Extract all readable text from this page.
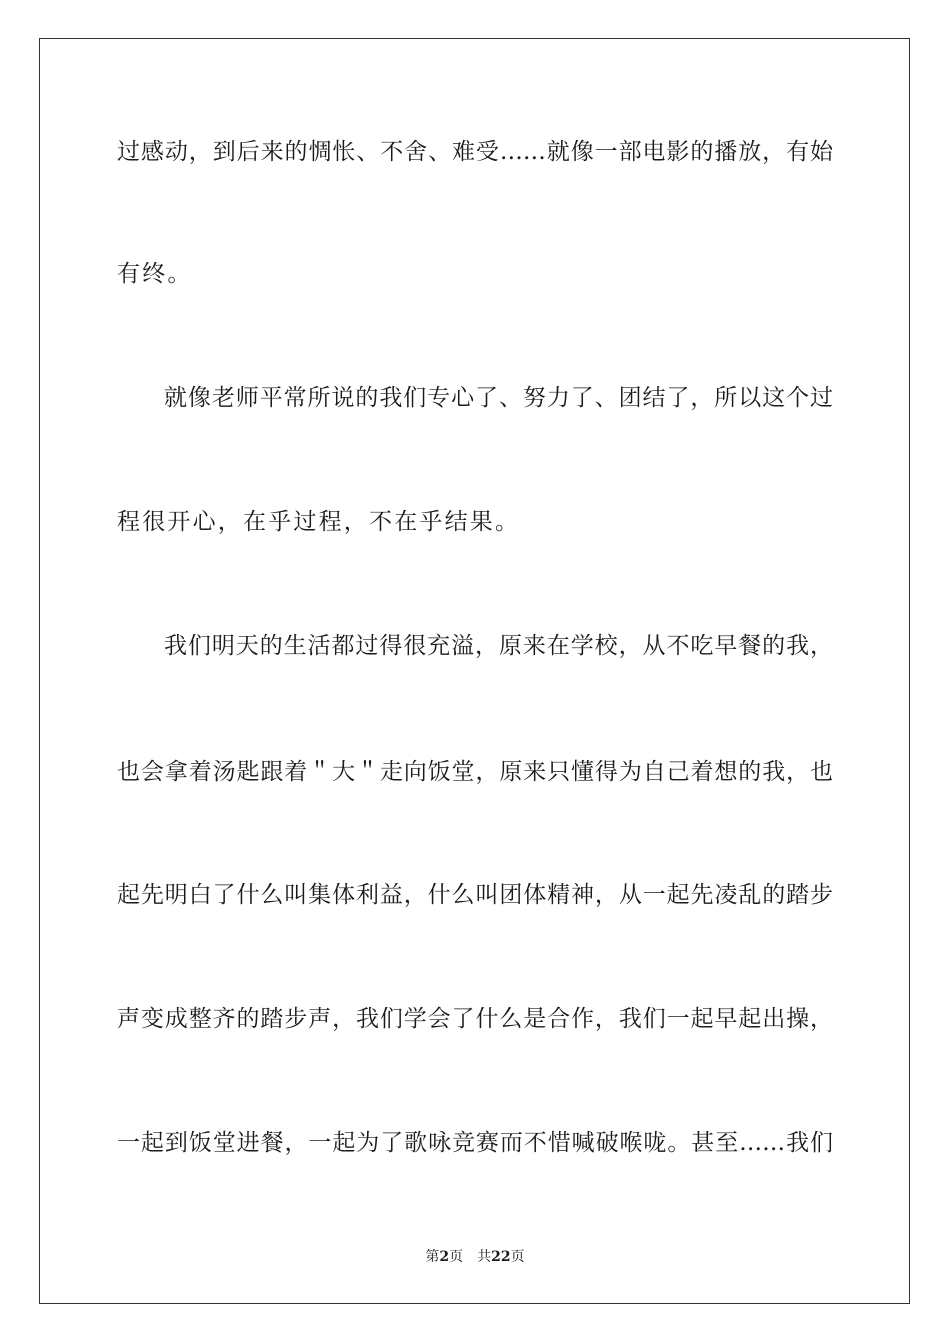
过感动，到后来的惆怅、不舍、难受……就像一部电影的播放，有始
有终。
就像老师平常所说的我们专心了、努力了、团结了，所以这个过
程很开心，在乎过程，不在乎结果。
我们明天的生活都过得很充溢，原来在学校，从不吃早餐的我，
也会拿着汤匙跟着＂大＂走向饭堂，原来只懂得为自己着想的我，也
起先明白了什么叫集体利益，什么叫团体精神，从一起先凌乱的踏步
声变成整齐的踏步声，我们学会了什么是合作，我们一起早起出操，
一起到饭堂进餐，一起为了歌咏竞赛而不惜喊破喉咙。甚至……我们
第2页 共22页
